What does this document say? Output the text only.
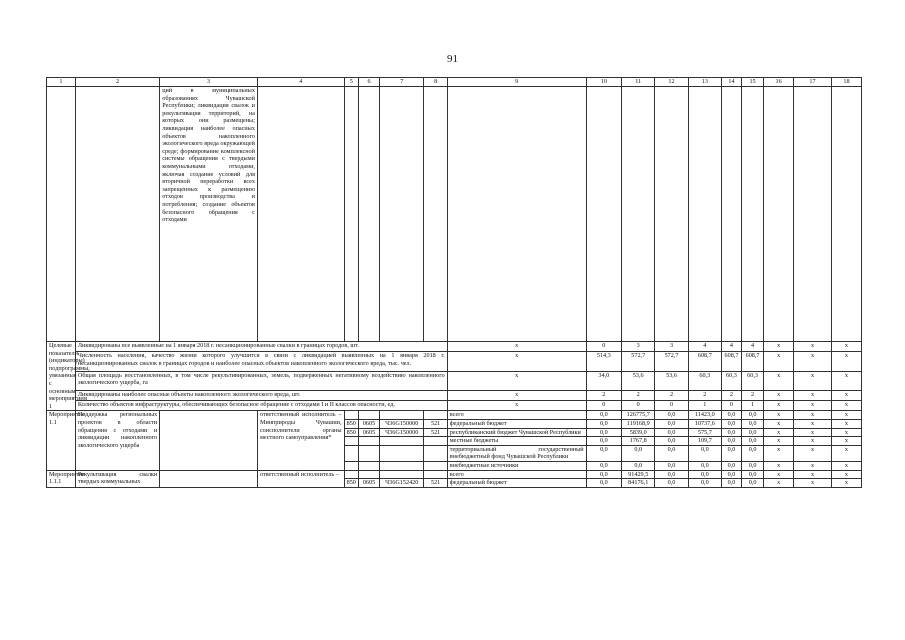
91
1	2	3	4	5	6	7	8	9	10	11	12	13	14	15	16	17	18
		ций в муниципальных образованиях Чувашской Республики; ликвидация свалок и рекультивация территорий, на которых они размещены; ликвидация наиболее опасных объектов накопленного экологического вреда окружающей среде; формирование комплексной системы обращения с твердыми коммунальными отходами, включая создание условий для вторичной переработки всех запрещенных к размещению отходов производства и потребления; создание объектов безопасного обращения с отходами															
Целевые показатели (индикаторы) подпрограммы, увязанные с основным мероприятием 1	Ликвидированы все выявленные на 1 января 2018 г. несанкционированные свалки в границах городов, шт.							x	0	3	3	4	4	4	x	x	x
	Численность населения, качество жизни которого улучшится в связи с ликвидацией выявленных на 1 января 2018 г. несанкционированных свалок в границах городов и наиболее опасных объектов накопленного экологического вреда, тыс. чел.							x	514,3	572,7	572,7	608,7	608,7	608,7	x	x	x
	Общая площадь восстановленных, в том числе рекультивированных, земель, подверженных негативному воздействию накопленного экологического ущерба, га							x	34,0	53,6	53,6	60,3	60,3	60,3	x	x	x
	Ликвидированы наиболее опасные объекты накопленного экологического вреда, шт.							x	2	2	2	2	2	2	x	x	x
	Количество объектов инфраструктуры, обеспечивающих безопасное обращение с отходами I и II классов опасности, ед.							x	0	0	0	1	0	1	x	x	x
Мероприятие 1.1	Поддержка региональных проектов в области обращения с отходами и ликвидации накопленного экологического ущерба		ответственный исполнитель – Минприроды Чувашии, соисполнители органы местного самоуправления*					всего	0,0	126775,7	0,0	11423,0	0,0	0,0	x	x	x
				850	0605	Ч36G150000	521	федеральный бюджет	0,0	119168,9	0,0	10737,6	0,0	0,0	x	x	x
				850	0605	Ч36G150000	521	республиканский бюджет Чувашской Республики	0,0	5839,0	0,0	575,7	0,0	0,0	x	x	x
								местные бюджеты	0,0	1767,8	0,0	109,7	0,0	0,0	x	x	x
								территориальный государственный внебюджетный фонд Чувашской Республики	0,0	0,0	0,0	0,0	0,0	0,0	x	x	x
								внебюджетные источники	0,0	0,0	0,0	0,0	0,0	0,0	x	x	x
Мероприятие 1.1.1	Рекультивация свалки твердых коммунальных		ответственный исполнитель –					всего	0,0	91429,5	0,0	0,0	0,0	0,0	x	x	x
				850	0605	Ч36G152420	521	федеральный бюджет	0,0	84176,1	0,0	0,0	0,0	0,0	x	x	x
